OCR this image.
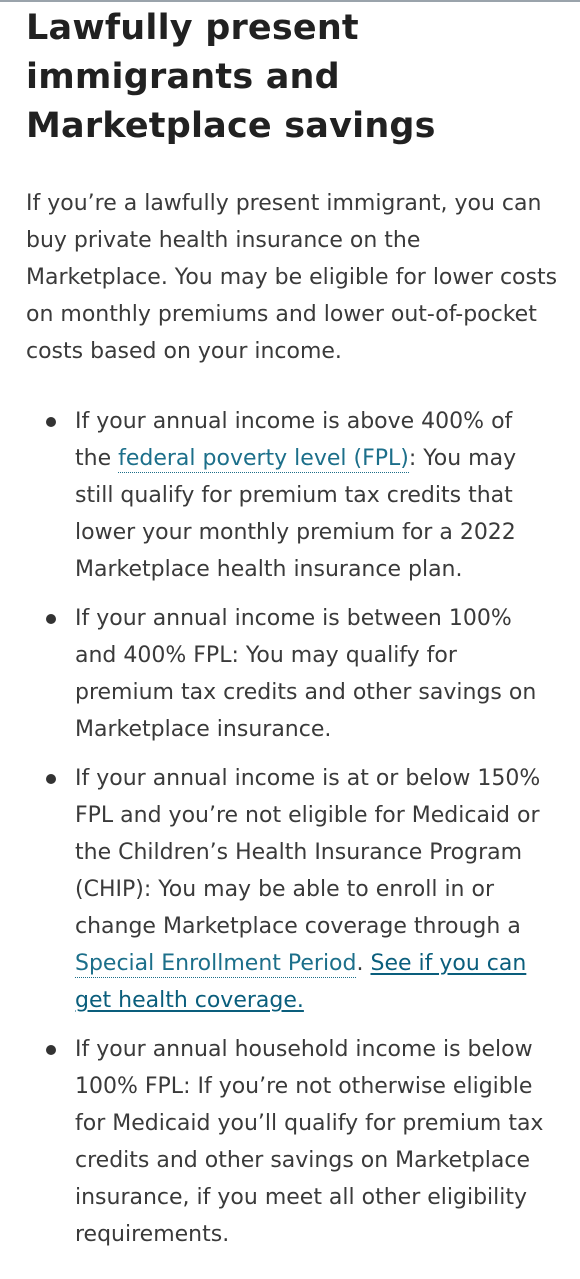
Lawfully present
immigrants and
Marketplace savings

If you’re a lawfully present immigrant, you can buy private health insurance on the Marketplace. You may be eligible for lower costs on monthly premiums and lower out-of-pocket costs based on your income.

If your annual income is above 400% of the federal poverty level (FPL): You may still qualify for premium tax credits that lower your monthly premium for a 2022 Marketplace health insurance plan.
If your annual income is between 100% and 400% FPL: You may qualify for premium tax credits and other savings on Marketplace insurance.
If your annual income is at or below 150% FPL and you’re not eligible for Medicaid or the Children’s Health Insurance Program (CHIP): You may be able to enroll in or change Marketplace coverage through a Special Enrollment Period. See if you can get health coverage.
If your annual household income is below 100% FPL: If you’re not otherwise eligible for Medicaid you’ll qualify for premium tax credits and other savings on Marketplace insurance, if you meet all other eligibility requirements.
